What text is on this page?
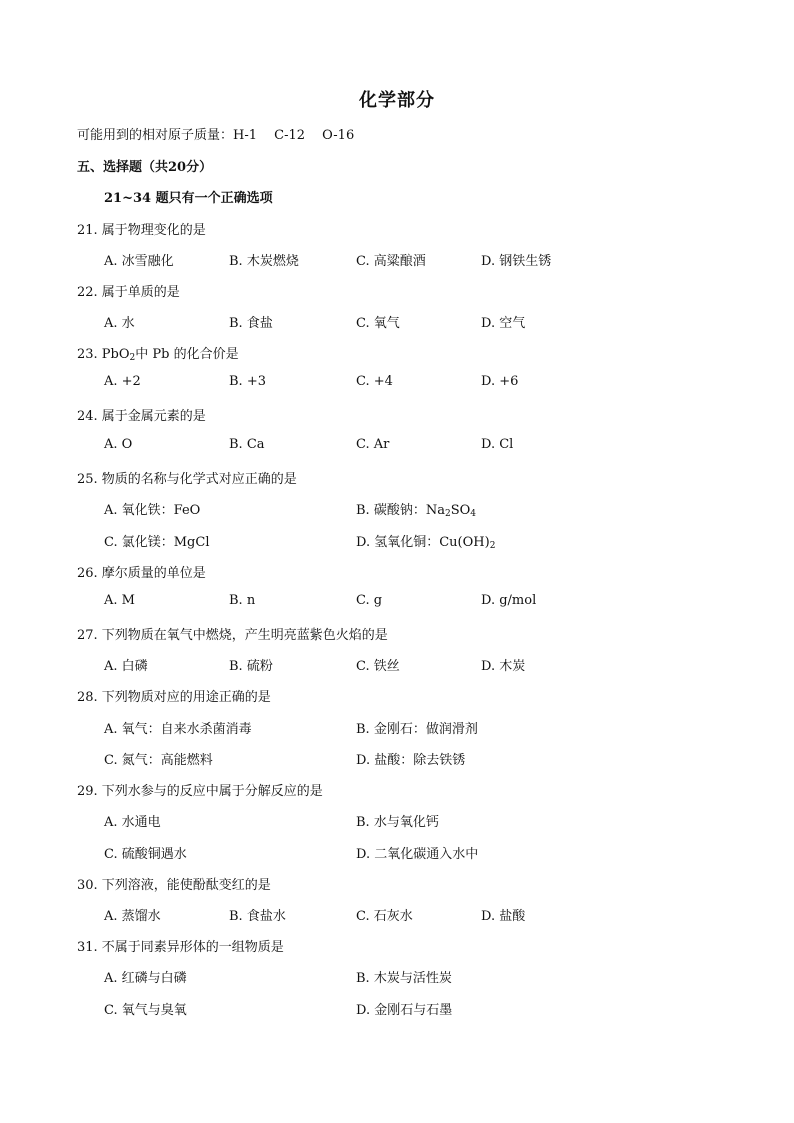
化学部分
可能用到的相对原子质量：H-1　 C-12　 O-16
五、选择题（共20分）
21~34 题只有一个正确选项
21. 属于物理变化的是
A. 冰雪融化	B. 木炭燃烧	C. 高粱酿酒	D. 钢铁生锈
22. 属于单质的是
A. 水	B. 食盐	C. 氧气	D. 空气
23. PbO$_2$中 Pb 的化合价是
A. +2	B. +3	C. +4	D. +6
24. 属于金属元素的是
A. O	B. Ca	C. Ar	D. Cl
25. 物质的名称与化学式对应正确的是
A. 氧化铁：FeO	B. 碳酸钠：$Na_2SO_4$
C. 氯化镁：MgCl	D. 氢氧化铜：$Cu(OH)_2$
26. 摩尔质量的单位是
A. M	B. n	C. g	D. g/mol
27. 下列物质在氧气中燃烧，产生明亮蓝紫色火焰的是
A. 白磷	B. 硫粉	C. 铁丝	D. 木炭
28. 下列物质对应的用途正确的是
A. 氧气：自来水杀菌消毒	B. 金刚石：做润滑剂
C. 氮气：高能燃料	D. 盐酸：除去铁锈
29. 下列水参与的反应中属于分解反应的是
A. 水通电	B. 水与氧化钙
C. 硫酸铜遇水	D. 二氧化碳通入水中
30. 下列溶液，能使酚酞变红的是
A. 蒸馏水	B. 食盐水	C. 石灰水	D. 盐酸
31. 不属于同素异形体的一组物质是
A. 红磷与白磷	B. 木炭与活性炭
C. 氧气与臭氧	D. 金刚石与石墨
